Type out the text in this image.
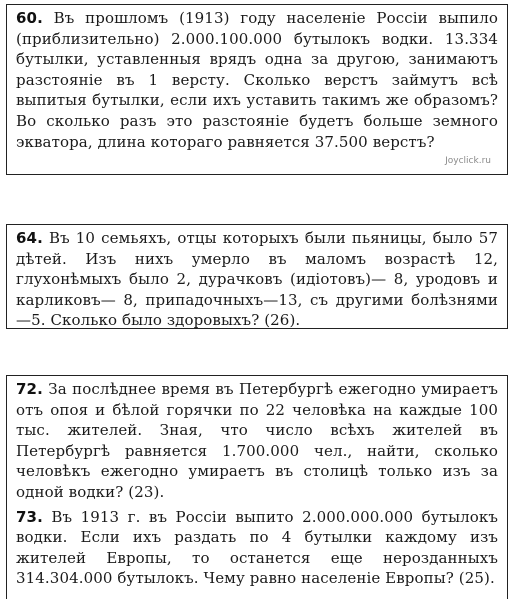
60. Въ прошломъ (1913) году населенiе Россiи выпило (приблизительно) 2.000.100.000 бутылокъ водки. 13.334 бутылки, уставленныя врядъ одна за другою, занимаютъ разстоянiе въ 1 версту. Сколько верстъ займутъ всѣ выпитыя бутылки, если ихъ уставить такимъ же образомъ? Во сколько разъ это разстоянiе будетъ больше земного экватора, длина котораго равняется 37.500 верстъ?

Joyclick.ru

64. Въ 10 семьяхъ, отцы которыхъ были пьяницы, было 57 дѣтей. Изъ нихъ умерло въ маломъ возрастѣ 12, глухонѣмыхъ было 2, дурачковъ (идiотовъ)— 8, уродовъ и карликовъ— 8, припадочныхъ—13, съ другими болѣзнями—5. Сколько было здоровыхъ? (26).

72. За послѣднее время въ Петербургѣ ежегодно умираетъ отъ опоя и бѣлой горячки по 22 человѣка на каждые 100 тыс. жителей. Зная, что число всѣхъ жителей въ Петербургѣ равняется 1.700.000 чел., найти, сколько человѣкъ ежегодно умираетъ въ столицѣ только изъ за одной водки? (23).

73. Въ 1913 г. въ Россiи выпито 2.000.000.000 бутылокъ водки. Если ихъ раздать по 4 бутылки каждому изъ жителей Европы, то останется еще нерозданныхъ 314.304.000 бутылокъ. Чему равно населенiе Европы? (25).
